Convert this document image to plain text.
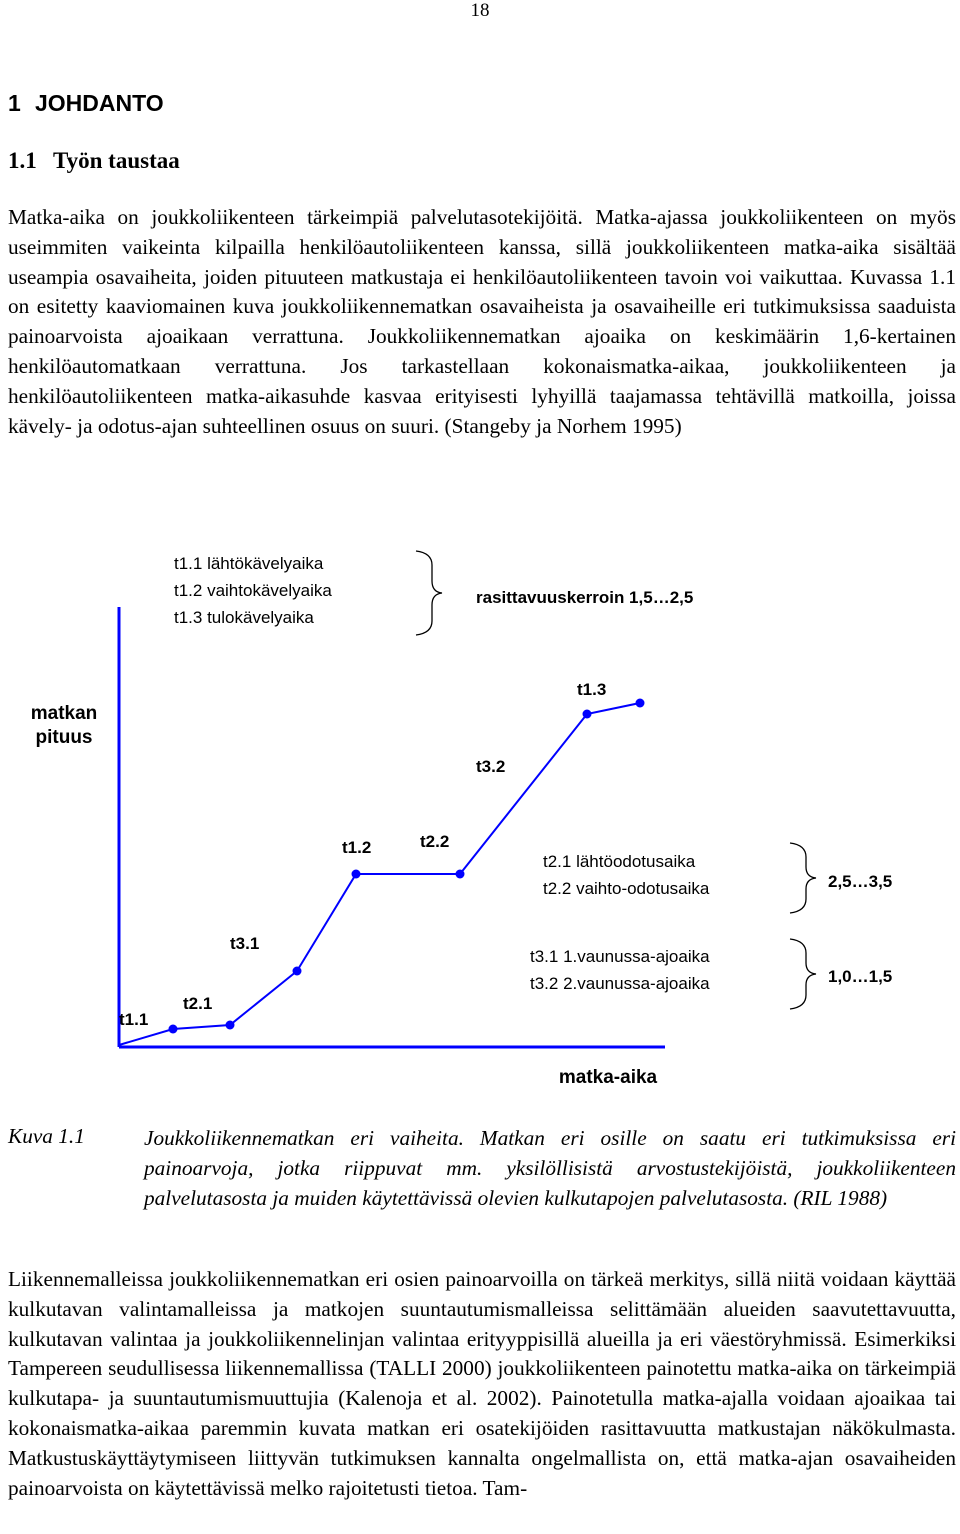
18
1 JOHDANTO
1.1 Työn taustaa

Matka-aika on joukkoliikenteen tärkeimpiä palvelutasotekijöitä. Matka-ajassa joukkoliikenteen on myös useimmiten vaikeinta kilpailla henkilöautoliikenteen kanssa, sillä joukkoliikenteen matka-aika sisältää useampia osavaiheita, joiden pituuteen matkustaja ei henkilöautoliikenteen tavoin voi vaikuttaa. Kuvassa 1.1 on esitetty kaaviomainen kuva joukkoliikennematkan osavaiheista ja osavaiheille eri tutkimuksissa saaduista painoarvoista ajoaikaan verrattuna. Joukkoliikennematkan ajoaika on keskimäärin 1,6-kertainen henkilöautomatkaan verrattuna. Jos tarkastellaan kokonaismatka-aikaa, joukkoliikenteen ja henkilöautoliikenteen matka-aikasuhde kasvaa erityisesti lyhyillä taajamassa tehtävillä matkoilla, joissa kävely- ja odotus-ajan suhteellinen osuus on suuri. (Stangeby ja Norhem 1995)

t1.1
t2.1
t3.1
t1.2	t2.2
t3.2
t1.3
matkan
pituus
matka-aika
t1.1 lähtökävelyaika
t1.2 vaihtokävelyaika
t1.3 tulokävelyaika
rasittavuuskerroin 1,5…2,5
t2.1 lähtöodotusaika
t2.2 vaihto-odotusaika	2,5…3,5
t3.1 1.vaunussa-ajoaika
t3.2 2.vaunussa-ajoaika	1,0…1,5

Kuva 1.1	Joukkoliikennematkan eri vaiheita. Matkan eri osille on saatu eri tutkimuksissa eri painoarvoja, jotka riippuvat mm. yksilöllisistä arvostustekijöistä, joukkoliikenteen palvelutasosta ja muiden käytettävissä olevien kulkutapojen palvelutasosta. (RIL 1988)

Liikennemalleissa joukkoliikennematkan eri osien painoarvoilla on tärkeä merkitys, sillä niitä voidaan käyttää kulkutavan valintamalleissa ja matkojen suuntautumismalleissa selittämään alueiden saavutettavuutta, kulkutavan valintaa ja joukkoliikennelinjan valintaa erityyppisillä alueilla ja eri väestöryhmissä. Esimerkiksi Tampereen seudullisessa liikennemallissa (TALLI 2000) joukkoliikenteen painotettu matka-aika on tärkeimpiä kulkutapa- ja suuntautumismuuttujia (Kalenoja et al. 2002). Painotetulla matka-ajalla voidaan ajoaikaa tai kokonaismatka-aikaa paremmin kuvata matkan eri osatekijöiden rasittavuutta matkustajan näkökulmasta. Matkustuskäyttäytymiseen liittyvän tutkimuksen kannalta ongelmallista on, että matka-ajan osavaiheiden painoarvoista on käytettävissä melko rajoitetusti tietoa. Tam-
